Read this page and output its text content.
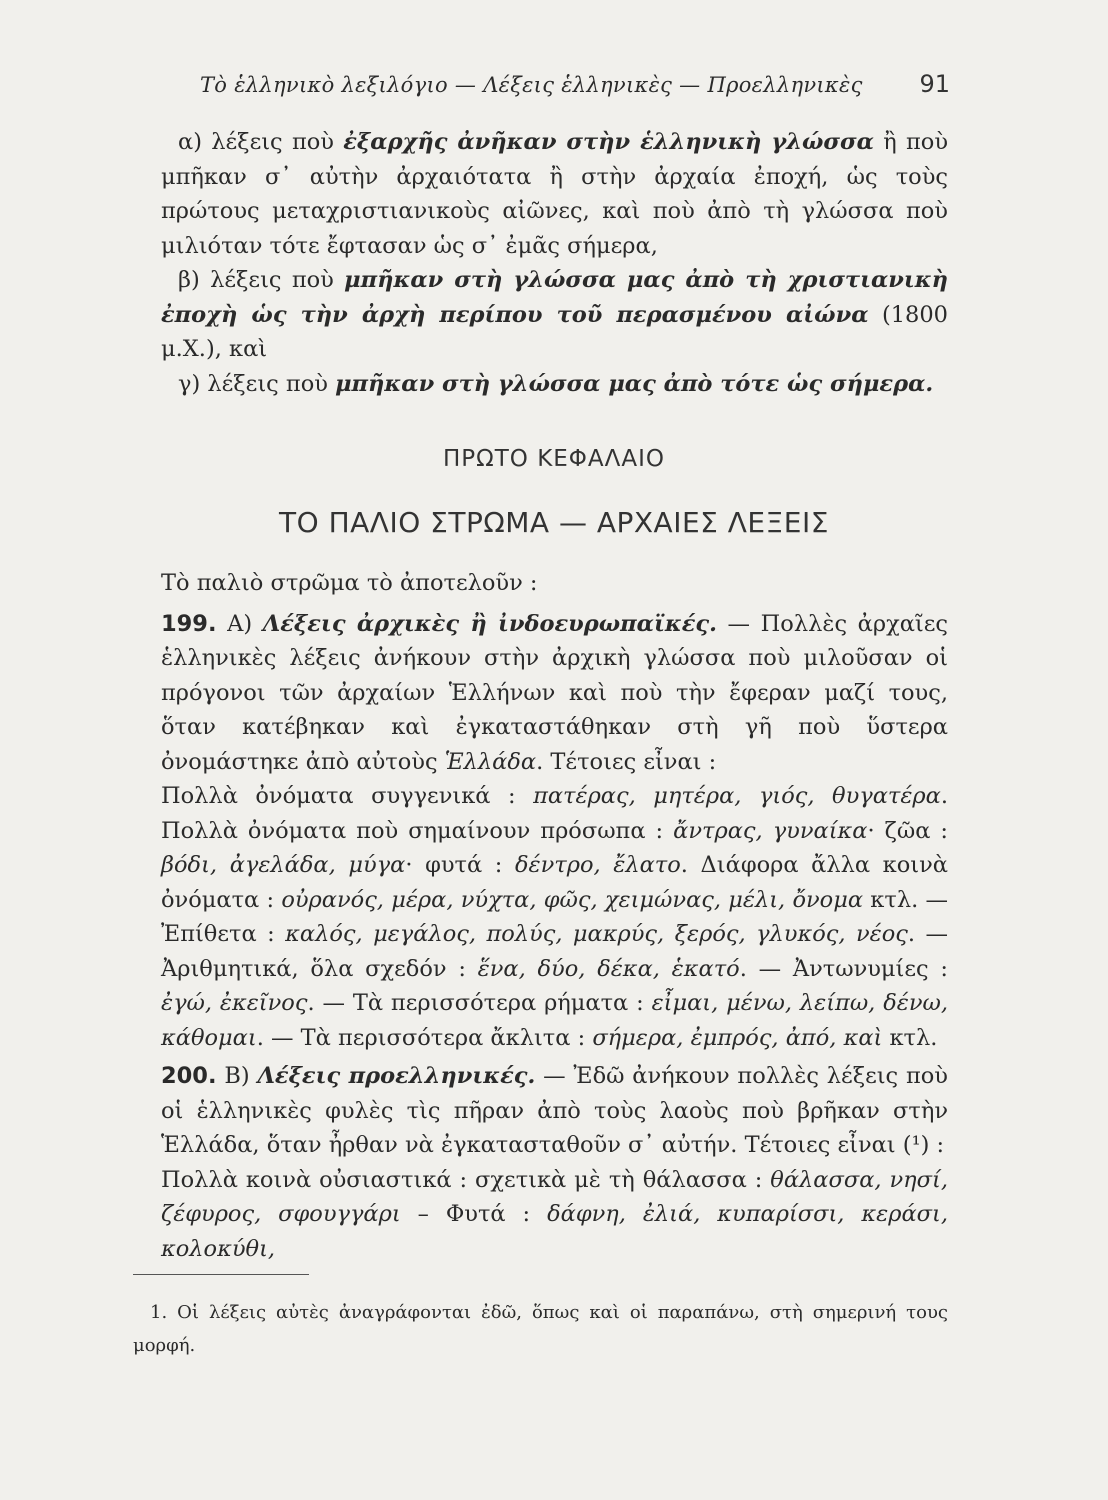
Τὸ ἑλληνικὸ λεξιλόγιο — Λέξεις ἑλληνικὲς — Προελληνικὲς 91

α) λέξεις ποὺ ἐξαρχῆς ἀνῆκαν στὴν ἑλληνικὴ γλώσσα ἢ ποὺ μπῆκαν σ᾽ αὐτὴν ἀρχαιότατα ἢ στὴν ἀρχαία ἐποχή, ὡς τοὺς πρώτους μεταχριστιανικοὺς αἰῶνες, καὶ ποὺ ἀπὸ τὴ γλώσσα ποὺ μιλιόταν τότε ἔφτασαν ὡς σ᾽ ἐμᾶς σήμερα,

β) λέξεις ποὺ μπῆκαν στὴ γλώσσα μας ἀπὸ τὴ χριστιανικὴ ἐποχὴ ὡς τὴν ἀρχὴ περίπου τοῦ περασμένου αἰώνα (1800 μ.Χ.), καὶ

γ) λέξεις ποὺ μπῆκαν στὴ γλώσσα μας ἀπὸ τότε ὡς σήμερα.

ΠΡΩΤΟ ΚΕΦΑΛΑΙΟ
ΤΟ ΠΑΛΙΟ ΣΤΡΩΜΑ — ΑΡΧΑΙΕΣ ΛΕΞΕΙΣ

Τὸ παλιὸ στρῶμα τὸ ἀποτελοῦν :

199. Α) Λέξεις ἀρχικὲς ἢ ἰνδοευρωπαϊκές. — Πολλὲς ἀρχαῖες ἑλληνικὲς λέξεις ἀνήκουν στὴν ἀρχικὴ γλώσσα ποὺ μιλοῦσαν οἱ πρόγονοι τῶν ἀρχαίων Ἑλλήνων καὶ ποὺ τὴν ἔφεραν μαζί τους, ὅταν κατέβηκαν καὶ ἐγκαταστάθηκαν στὴ γῆ ποὺ ὕστερα ὀνομάστηκε ἀπὸ αὐτοὺς Ἑλλάδα. Τέτοιες εἶναι :

Πολλὰ ὀνόματα συγγενικά : πατέρας, μητέρα, γιός, θυγατέρα. Πολλὰ ὀνόματα ποὺ σημαίνουν πρόσωπα : ἄντρας, γυναίκα· ζῶα : βόδι, ἀγελάδα, μύγα· φυτά : δέντρο, ἔλατο. Διάφορα ἄλλα κοινὰ ὀνόματα : οὐρανός, μέρα, νύχτα, φῶς, χειμώνας, μέλι, ὄνομα κτλ. — Ἐπίθετα : καλός, μεγάλος, πολύς, μακρύς, ξερός, γλυκός, νέος. — Ἀριθμητικά, ὅλα σχεδόν : ἕνα, δύο, δέκα, ἑκατό. — Ἀντωνυμίες : ἐγώ, ἐκεῖνος. — Τὰ περισσότερα ρήματα : εἶμαι, μένω, λείπω, δένω, κάθομαι. — Τὰ περισσότερα ἄκλιτα : σήμερα, ἐμπρός, ἀπό, καὶ κτλ.

200. Β) Λέξεις προελληνικές. — Ἐδῶ ἀνήκουν πολλὲς λέξεις ποὺ οἱ ἑλληνικὲς φυλὲς τὶς πῆραν ἀπὸ τοὺς λαοὺς ποὺ βρῆκαν στὴν Ἑλλάδα, ὅταν ἦρθαν νὰ ἐγκατασταθοῦν σ᾽ αὐτήν. Τέτοιες εἶναι (¹) :

Πολλὰ κοινὰ οὐσιαστικά : σχετικὰ μὲ τὴ θάλασσα : θάλασσα, νησί, ζέφυρος, σφουγγάρι – Φυτά : δάφνη, ἐλιά, κυπαρίσσι, κεράσι, κολοκύθι,

1. Οἱ λέξεις αὐτὲς ἀναγράφονται ἐδῶ, ὅπως καὶ οἱ παραπάνω, στὴ σημερινή τους μορφή.
